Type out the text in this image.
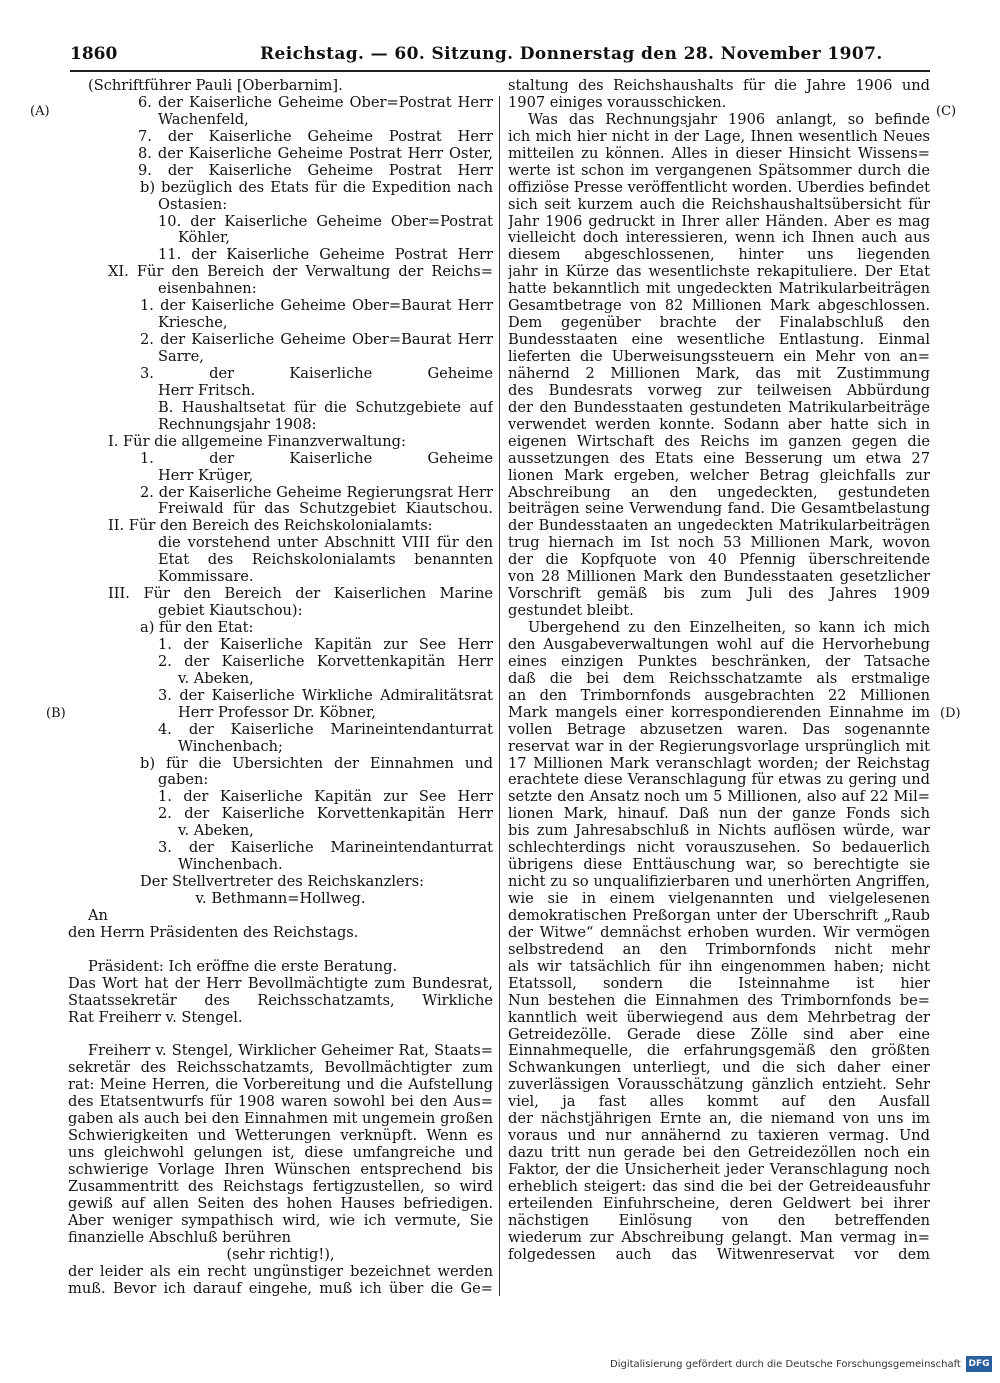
1860	Reichstag. — 60. Sitzung. Donnerstag den 28. November 1907.
(A)
(B)
(C)
(D)
(Schriftführer Pauli [Oberbarnim].
6. der Kaiserliche Geheime Ober=Postrat Herr
Wachenfeld,
7. der Kaiserliche Geheime Postrat Herr
8. der Kaiserliche Geheime Postrat Herr Oster,
9. der Kaiserliche Geheime Postrat Herr
b) bezüglich des Etats für die Expedition nach
Ostasien:
10. der Kaiserliche Geheime Ober=Postrat
Köhler,
11. der Kaiserliche Geheime Postrat Herr
XI. Für den Bereich der Verwaltung der Reichs=
eisenbahnen:
1. der Kaiserliche Geheime Ober=Baurat Herr
Kriesche,
2. der Kaiserliche Geheime Ober=Baurat Herr
Sarre,
3. der Kaiserliche Geheime
Herr Fritsch.
B. Haushaltsetat für die Schutzgebiete auf
Rechnungsjahr 1908:
I. Für die allgemeine Finanzverwaltung:
1. der Kaiserliche Geheime
Herr Krüger,
2. der Kaiserliche Geheime Regierungsrat Herr
Freiwald für das Schutzgebiet Kiautschou.
II. Für den Bereich des Reichskolonialamts:
die vorstehend unter Abschnitt VIII für den
Etat des Reichskolonialamts benannten
Kommissare.
III. Für den Bereich der Kaiserlichen Marine
gebiet Kiautschou):
a) für den Etat:
1. der Kaiserliche Kapitän zur See Herr
2. der Kaiserliche Korvettenkapitän Herr
v. Abeken,
3. der Kaiserliche Wirkliche Admiralitätsrat
Herr Professor Dr. Köbner,
4. der Kaiserliche Marineintendanturrat
Winchenbach;
b) für die Übersichten der Einnahmen und
gaben:
1. der Kaiserliche Kapitän zur See Herr
2. der Kaiserliche Korvettenkapitän Herr
v. Abeken,
3. der Kaiserliche Marineintendanturrat
Winchenbach.
Der Stellvertreter des Reichskanzlers:
v. Bethmann=Hollweg.
An
den Herrn Präsidenten des Reichstags.
Präsident: Ich eröffne die erste Beratung.
Das Wort hat der Herr Bevollmächtigte zum Bundesrat,
Staatssekretär des Reichsschatzamts, Wirkliche
Rat Freiherr v. Stengel.
Freiherr v. Stengel, Wirklicher Geheimer Rat, Staats=
sekretär des Reichsschatzamts, Bevollmächtigter zum
rat: Meine Herren, die Vorbereitung und die Aufstellung
des Etatsentwurfs für 1908 waren sowohl bei den Aus=
gaben als auch bei den Einnahmen mit ungemein großen
Schwierigkeiten und Wetterungen verknüpft. Wenn es
uns gleichwohl gelungen ist, diese umfangreiche und
schwierige Vorlage Ihren Wünschen entsprechend bis
Zusammentritt des Reichstags fertigzustellen, so wird
gewiß auf allen Seiten des hohen Hauses befriedigen.
Aber weniger sympathisch wird, wie ich vermute, Sie
finanzielle Abschluß berühren
(sehr richtig!),
der leider als ein recht ungünstiger bezeichnet werden
muß. Bevor ich darauf eingehe, muß ich über die Ge=
staltung des Reichshaushalts für die Jahre 1906 und
1907 einiges vorausschicken.
Was das Rechnungsjahr 1906 anlangt, so befinde
ich mich hier nicht in der Lage, Ihnen wesentlich Neues
mitteilen zu können. Alles in dieser Hinsicht Wissens=
werte ist schon im vergangenen Spätsommer durch die
offiziöse Presse veröffentlicht worden. Überdies befindet
sich seit kurzem auch die Reichshaushaltsübersicht für
Jahr 1906 gedruckt in Ihrer aller Händen. Aber es mag
vielleicht doch interessieren, wenn ich Ihnen auch aus
diesem abgeschlossenen, hinter uns liegenden
jahr in Kürze das wesentlichste rekapituliere. Der Etat
hatte bekanntlich mit ungedeckten Matrikularbeiträgen
Gesamtbetrage von 82 Millionen Mark abgeschlossen.
Dem gegenüber brachte der Finalabschluß den
Bundesstaaten eine wesentliche Entlastung. Einmal
lieferten die Überweisungssteuern ein Mehr von an=
nähernd 2 Millionen Mark, das mit Zustimmung
des Bundesrats vorweg zur teilweisen Abbürdung
der den Bundesstaaten gestundeten Matrikularbeiträge
verwendet werden konnte. Sodann aber hatte sich in
eigenen Wirtschaft des Reichs im ganzen gegen die
aussetzungen des Etats eine Besserung um etwa 27
lionen Mark ergeben, welcher Betrag gleichfalls zur
Abschreibung an den ungedeckten, gestundeten
beiträgen seine Verwendung fand. Die Gesamtbelastung
der Bundesstaaten an ungedeckten Matrikularbeiträgen
trug hiernach im Ist noch 53 Millionen Mark, wovon
der die Kopfquote von 40 Pfennig überschreitende
von 28 Millionen Mark den Bundesstaaten gesetzlicher
Vorschrift gemäß bis zum Juli des Jahres 1909
gestundet bleibt.
Übergehend zu den Einzelheiten, so kann ich mich
den Ausgabeverwaltungen wohl auf die Hervorhebung
eines einzigen Punktes beschränken, der Tatsache
daß die bei dem Reichsschatzamte als erstmalige
an den Trimbornfonds ausgebrachten 22 Millionen
Mark mangels einer korrespondierenden Einnahme im
vollen Betrage abzusetzen waren. Das sogenannte
reservat war in der Regierungsvorlage ursprünglich mit
17 Millionen Mark veranschlagt worden; der Reichstag
erachtete diese Veranschlagung für etwas zu gering und
setzte den Ansatz noch um 5 Millionen, also auf 22 Mil=
lionen Mark, hinauf. Daß nun der ganze Fonds sich
bis zum Jahresabschluß in Nichts auflösen würde, war
schlechterdings nicht vorauszusehen. So bedauerlich
übrigens diese Enttäuschung war, so berechtigte sie
nicht zu so unqualifizierbaren und unerhörten Angriffen,
wie sie in einem vielgenannten und vielgelesenen
demokratischen Preßorgan unter der Überschrift „Raub
der Witwe“ demnächst erhoben wurden. Wir vermögen
selbstredend an den Trimbornfonds nicht mehr
als wir tatsächlich für ihn eingenommen haben; nicht
Etatssoll, sondern die Isteinnahme ist hier
Nun bestehen die Einnahmen des Trimbornfonds be=
kanntlich weit überwiegend aus dem Mehrbetrag der
Getreidezölle. Gerade diese Zölle sind aber eine
Einnahmequelle, die erfahrungsgemäß den größten
Schwankungen unterliegt, und die sich daher einer
zuverlässigen Vorausschätzung gänzlich entzieht. Sehr
viel, ja fast alles kommt auf den Ausfall
der nächstjährigen Ernte an, die niemand von uns im
voraus und nur annähernd zu taxieren vermag. Und
dazu tritt nun gerade bei den Getreidezöllen noch ein
Faktor, der die Unsicherheit jeder Veranschlagung noch
erheblich steigert: das sind die bei der Getreideausfuhr
erteilenden Einfuhrscheine, deren Geldwert bei ihrer
nächstigen Einlösung von den betreffenden
wiederum zur Abschreibung gelangt. Man vermag in=
folgedessen auch das Witwenreservat vor dem
Digitalisierung gefördert durch die Deutsche Forschungsgemeinschaft DFG
